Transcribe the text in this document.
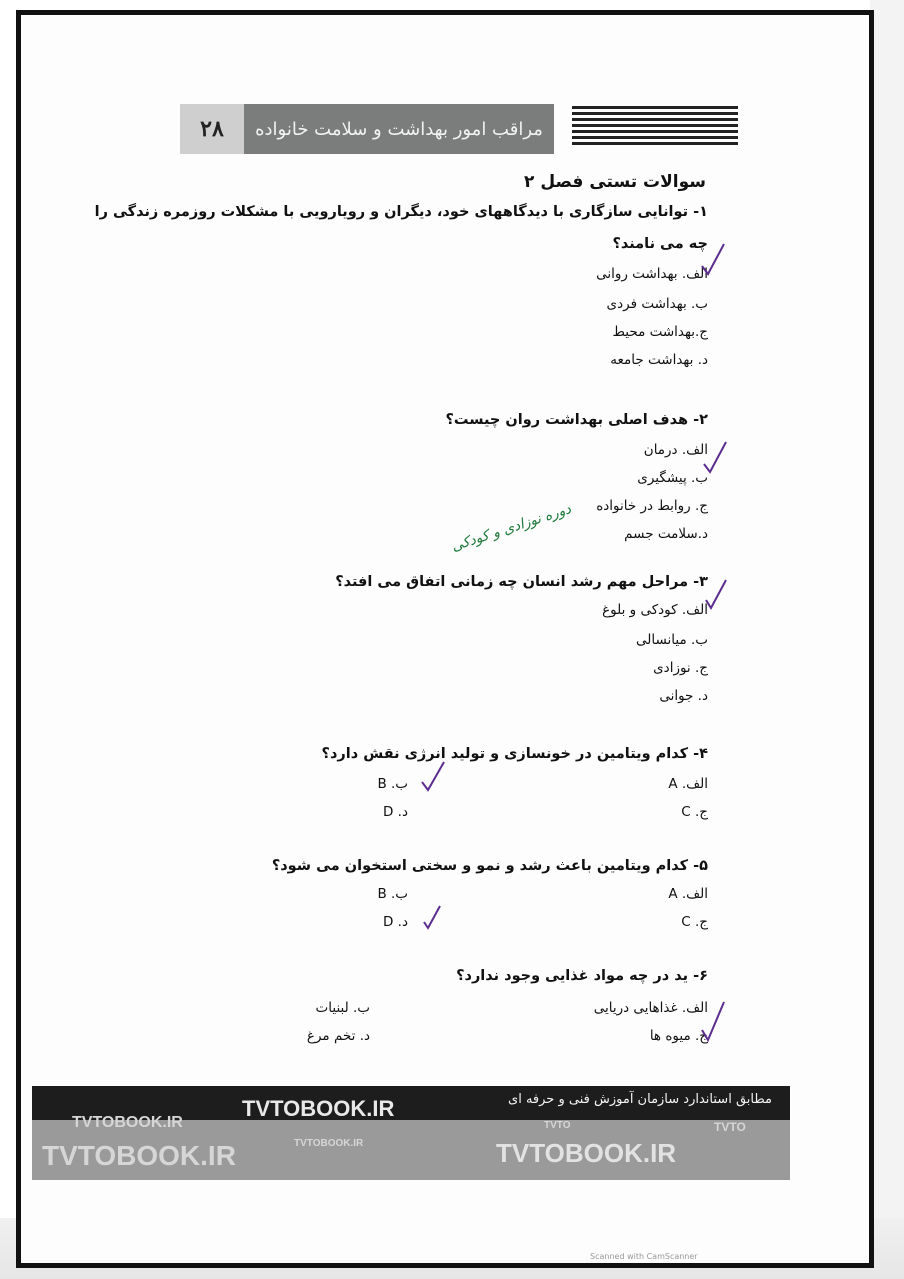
۲۸	مراقب امور بهداشت و سلامت خانواده
سوالات تستی فصل ۲
۱- توانایی سازگاری با دیدگاههای خود، دیگران و رویارویی با مشکلات روزمره زندگی را
چه می نامند؟
الف. بهداشت روانی
ب. بهداشت فردی
ج.بهداشت محیط
د. بهداشت جامعه
۲- هدف اصلی بهداشت روان چیست؟
الف. درمان
ب. پیشگیری
ج. روابط در خانواده
د.سلامت جسم
۳- مراحل مهم رشد انسان چه زمانی اتفاق می افتد؟
الف. کودکی و بلوغ
ب. میانسالی
ج. نوزادی
د. جوانی
۴- کدام ویتامین در خونسازی و تولید انرژی نقش دارد؟
الف. A
ب. B
ج. C
د. D
۵- کدام ویتامین باعث رشد و نمو و سختی استخوان می شود؟
الف. A
ب. B
ج. C
د. D
۶- ید در چه مواد غذایی وجود ندارد؟
الف. غذاهایی دریایی
ب. لبنیات
ج. میوه ها
د. تخم مرغ
دوره نوزادی و کودکی
مطابق استاندارد سازمان آموزش فنی و حرفه ای
TVTOBOOK.IR
TVTOBOOK.IR
TVTOBOOK.IR	TVTOBOOK.IR
TVTO	TVTO
TVTOBOOK.IR
Scanned with CamScanner
